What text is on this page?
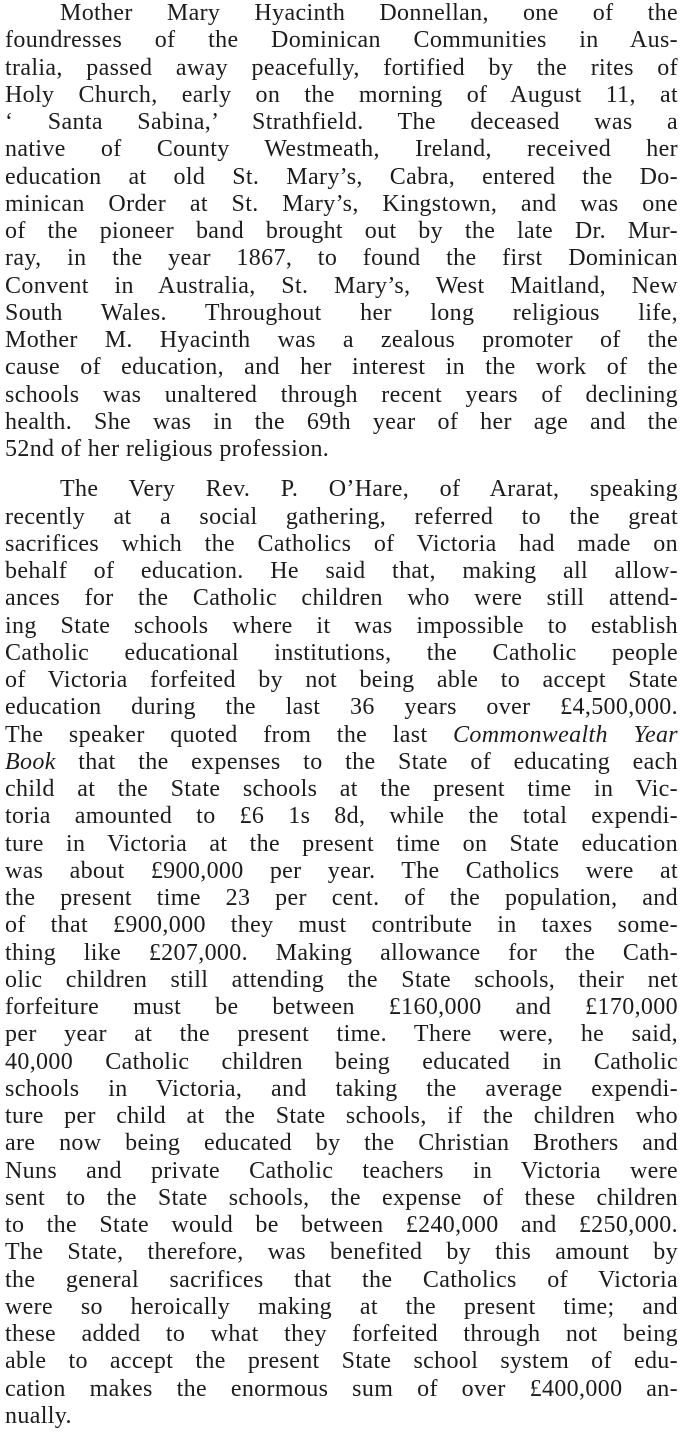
Mother Mary Hyacinth Donnellan, one of the
foundresses of the Dominican Communities in Aus-
tralia, passed away peacefully, fortified by the rites of
Holy Church, early on the morning of August 11, at
‘ Santa Sabina,’ Strathfield. The deceased was a
native of County Westmeath, Ireland, received her
education at old St. Mary’s, Cabra, entered the Do-
minican Order at St. Mary’s, Kingstown, and was one
of the pioneer band brought out by the late Dr. Mur-
ray, in the year 1867, to found the first Dominican
Convent in Australia, St. Mary’s, West Maitland, New
South Wales. Throughout her long religious life,
Mother M. Hyacinth was a zealous promoter of the
cause of education, and her interest in the work of the
schools was unaltered through recent years of declining
health. She was in the 69th year of her age and the
52nd of her religious profession.
The Very Rev. P. O’Hare, of Ararat, speaking
recently at a social gathering, referred to the great
sacrifices which the Catholics of Victoria had made on
behalf of education. He said that, making all allow-
ances for the Catholic children who were still attend-
ing State schools where it was impossible to establish
Catholic educational institutions, the Catholic people
of Victoria forfeited by not being able to accept State
education during the last 36 years over £4,500,000.
The speaker quoted from the last Commonwealth Year
Book that the expenses to the State of educating each
child at the State schools at the present time in Vic-
toria amounted to £6 1s 8d, while the total expendi-
ture in Victoria at the present time on State education
was about £900,000 per year. The Catholics were at
the present time 23 per cent. of the population, and
of that £900,000 they must contribute in taxes some-
thing like £207,000. Making allowance for the Cath-
olic children still attending the State schools, their net
forfeiture must be between £160,000 and £170,000
per year at the present time. There were, he said,
40,000 Catholic children being educated in Catholic
schools in Victoria, and taking the average expendi-
ture per child at the State schools, if the children who
are now being educated by the Christian Brothers and
Nuns and private Catholic teachers in Victoria were
sent to the State schools, the expense of these children
to the State would be between £240,000 and £250,000.
The State, therefore, was benefited by this amount by
the general sacrifices that the Catholics of Victoria
were so heroically making at the present time; and
these added to what they forfeited through not being
able to accept the present State school system of edu-
cation makes the enormous sum of over £400,000 an-
nually.
